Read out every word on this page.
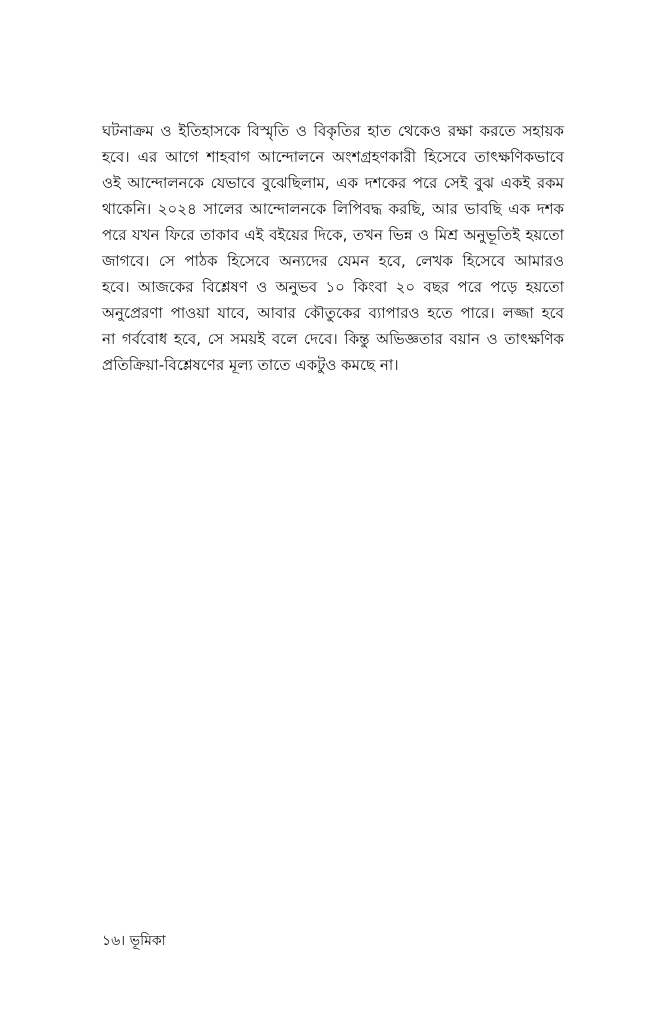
ঘটনাক্রম ও ইতিহাসকে বিস্মৃতি ও বিকৃতির হাত থেকেও রক্ষা করতে সহায়ক
হবে। এর আগে শাহবাগ আন্দোলনে অংশগ্রহণকারী হিসেবে তাৎক্ষণিকভাবে
ওই আন্দোলনকে যেভাবে বুঝেছিলাম, এক দশকের পরে সেই বুঝ একই রকম
থাকেনি। ২০২৪ সালের আন্দোলনকে লিপিবদ্ধ করছি, আর ভাবছি এক দশক
পরে যখন ফিরে তাকাব এই বইয়ের দিকে, তখন ভিন্ন ও মিশ্র অনুভূতিই হয়তো
জাগবে। সে পাঠক হিসেবে অন্যদের যেমন হবে, লেখক হিসেবে আমারও
হবে। আজকের বিশ্লেষণ ও অনুভব ১০ কিংবা ২০ বছর পরে পড়ে হয়তো
অনুপ্রেরণা পাওয়া যাবে, আবার কৌতুকের ব্যাপারও হতে পারে। লজ্জা হবে
না গর্ববোধ হবে, সে সময়ই বলে দেবে। কিন্তু অভিজ্ঞতার বয়ান ও তাৎক্ষণিক
প্রতিক্রিয়া-বিশ্লেষণের মূল্য তাতে একটুও কমছে না।
১৬। ভূমিকা
